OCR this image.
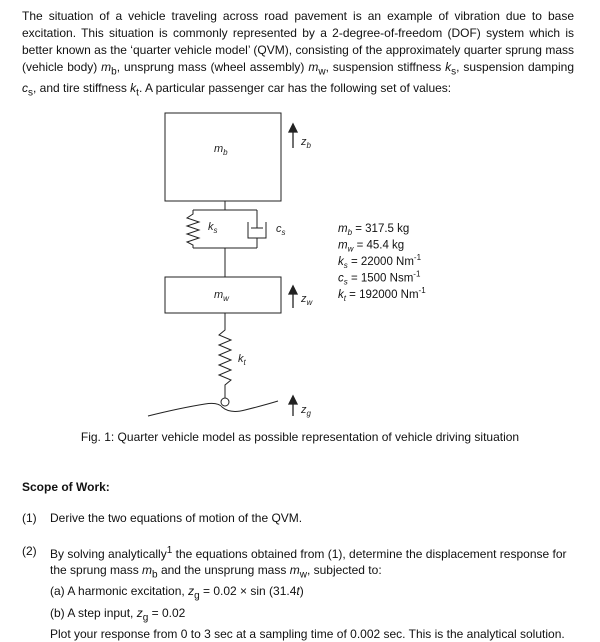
The situation of a vehicle traveling across road pavement is an example of vibration due to base excitation. This situation is commonly represented by a 2-degree-of-freedom (DOF) system which is better known as the ‘quarter vehicle model’ (QVM), consisting of the approximately quarter sprung mass (vehicle body) $m_b$, unsprung mass (wheel assembly) $m_w$, suspension stiffness $k_s$, suspension damping $c_s$, and tire stiffness $k_t$. A particular passenger car has the following set of values:

$m_b$
$m_w$
$k_s$	$c_s$
$k_t$
$z_b$
$z_w$
$z_g$
$m_b = 317.5$ kg
$m_w = 45.4$ kg
$k_s = 22000$ $Nm^{-1}$
$c_s = 1500$ Nsm$^{-1}$
$k_t = 192000$ $Nm^{-1}$
Fig. 1: Quarter vehicle model as possible representation of vehicle driving situation
Scope of Work:
(1) Derive the two equations of motion of the QVM.
(2) By solving analytically$^1$ the equations obtained from (1), determine the displacement response for the sprung mass $m_b$ and the unsprung mass $m_w$, subjected to:
(a) A harmonic excitation, $z_g = 0.02 \times \sin (31.4t)$
(b) A step input, $z_g = 0.02$
Plot your response from 0 to 3 sec at a sampling time of 0.002 sec. This is the analytical solution.
